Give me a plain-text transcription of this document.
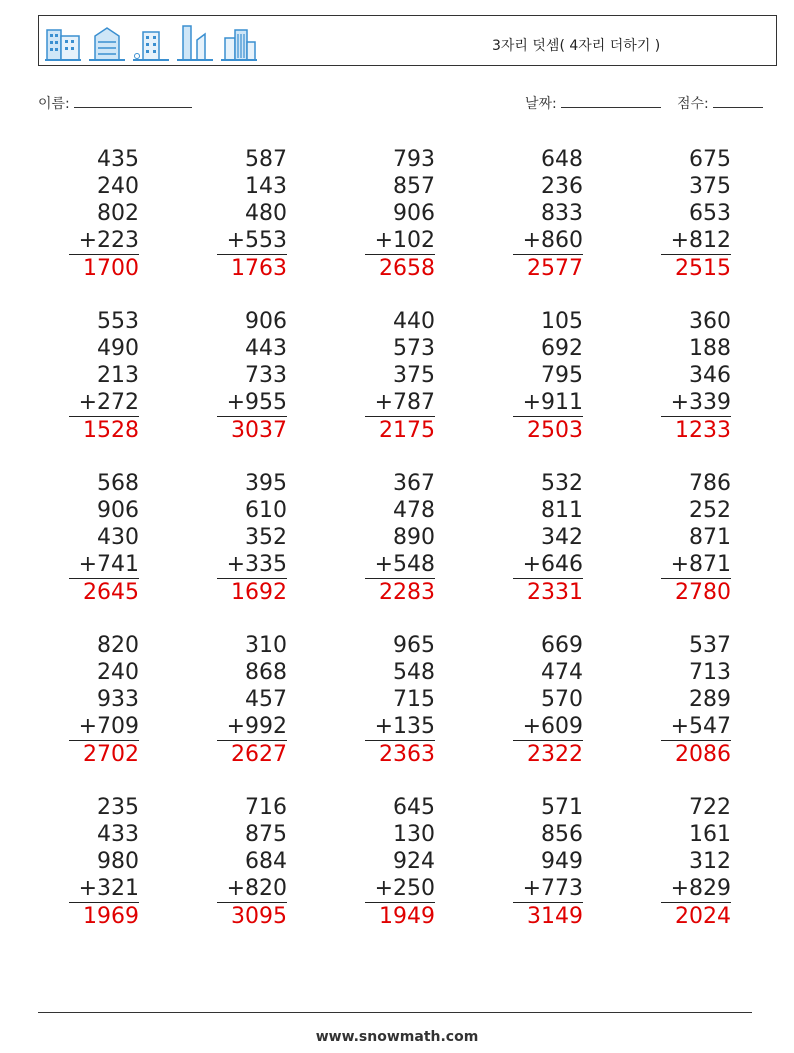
3자리 덧셈( 4자리 더하기 )
이름:	날짜:	점수:
435
240
802
+223
1700
587
143
480
+553
1763
793
857
906
+102
2658
648
236
833
+860
2577
675
375
653
+812
2515
553
490
213
+272
1528
906
443
733
+955
3037
440
573
375
+787
2175
105
692
795
+911
2503
360
188
346
+339
1233
568
906
430
+741
2645
395
610
352
+335
1692
367
478
890
+548
2283
532
811
342
+646
2331
786
252
871
+871
2780
820
240
933
+709
2702
310
868
457
+992
2627
965
548
715
+135
2363
669
474
570
+609
2322
537
713
289
+547
2086
235
433
980
+321
1969
716
875
684
+820
3095
645
130
924
+250
1949
571
856
949
+773
3149
722
161
312
+829
2024
www.snowmath.com
